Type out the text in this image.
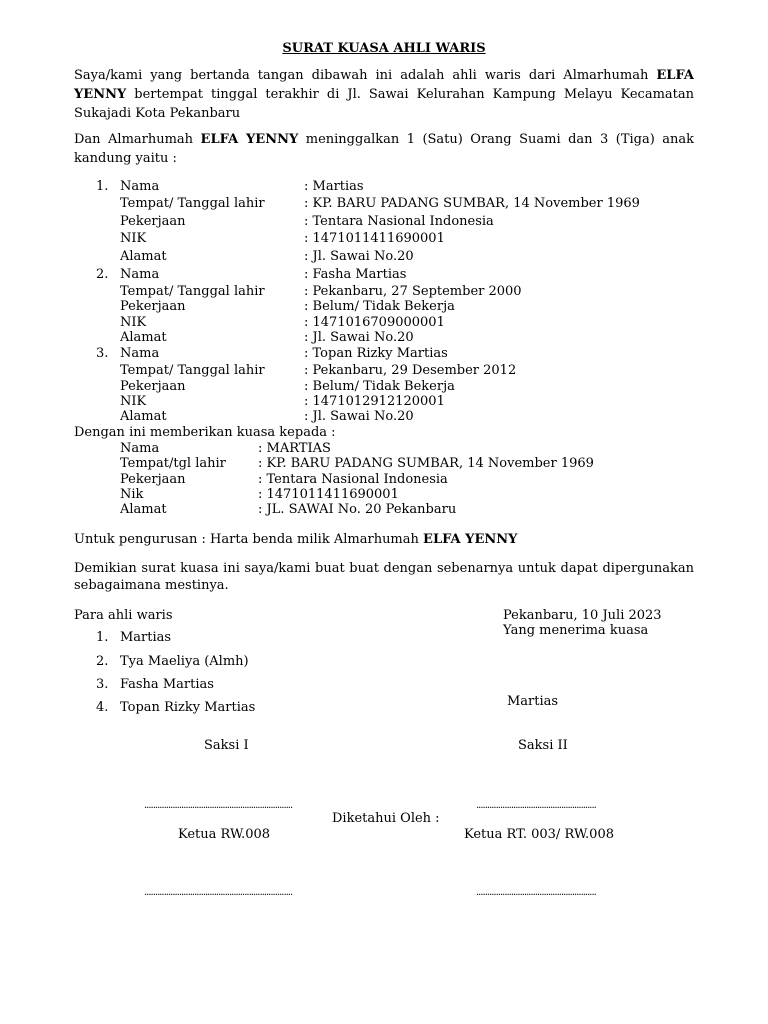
SURAT KUASA AHLI WARIS
Saya/kami yang bertanda tangan dibawah ini adalah ahli waris dari Almarhumah ELFA YENNY bertempat tinggal terakhir di Jl. Sawai Kelurahan Kampung Melayu Kecamatan Sukajadi Kota Pekanbaru
Dan Almarhumah ELFA YENNY meninggalkan 1 (Satu) Orang Suami dan 3 (Tiga) anak kandung yaitu :
1. Nama	: Martias
Tempat/ Tanggal lahir	: KP. BARU PADANG SUMBAR, 14 November 1969
Pekerjaan	: Tentara Nasional Indonesia
NIK	: 1471011411690001
Alamat	: Jl. Sawai No.20
2. Nama	: Fasha Martias
Tempat/ Tanggal lahir	: Pekanbaru, 27 September 2000
Pekerjaan	: Belum/ Tidak Bekerja
NIK	: 1471016709000001
Alamat	: Jl. Sawai No.20
3. Nama	: Topan Rizky Martias
Tempat/ Tanggal lahir	: Pekanbaru, 29 Desember 2012
Pekerjaan	: Belum/ Tidak Bekerja
NIK	: 1471012912120001
Alamat	: Jl. Sawai No.20
Dengan ini memberikan kuasa kepada :
Nama	: MARTIAS
Tempat/tgl lahir : KP. BARU PADANG SUMBAR, 14 November 1969
Pekerjaan	: Tentara Nasional Indonesia
Nik	: 1471011411690001
Alamat	: JL. SAWAI No. 20 Pekanbaru
Untuk pengurusan : Harta benda milik Almarhumah ELFA YENNY
Demikian surat kuasa ini saya/kami buat buat dengan sebenarnya untuk dapat dipergunakan sebagaimana mestinya.
Para ahli waris
1. Martias
2. Tya Maeliya (Almh)
3. Fasha Martias
4. Topan Rizky Martias
Pekanbaru, 10 Juli 2023
Yang menerima kuasa
Martias
Saksi I	Saksi II
....................................................................	.......................................................
Diketahui Oleh :
Ketua RW.008	Ketua RT. 003/ RW.008
....................................................................	.......................................................
